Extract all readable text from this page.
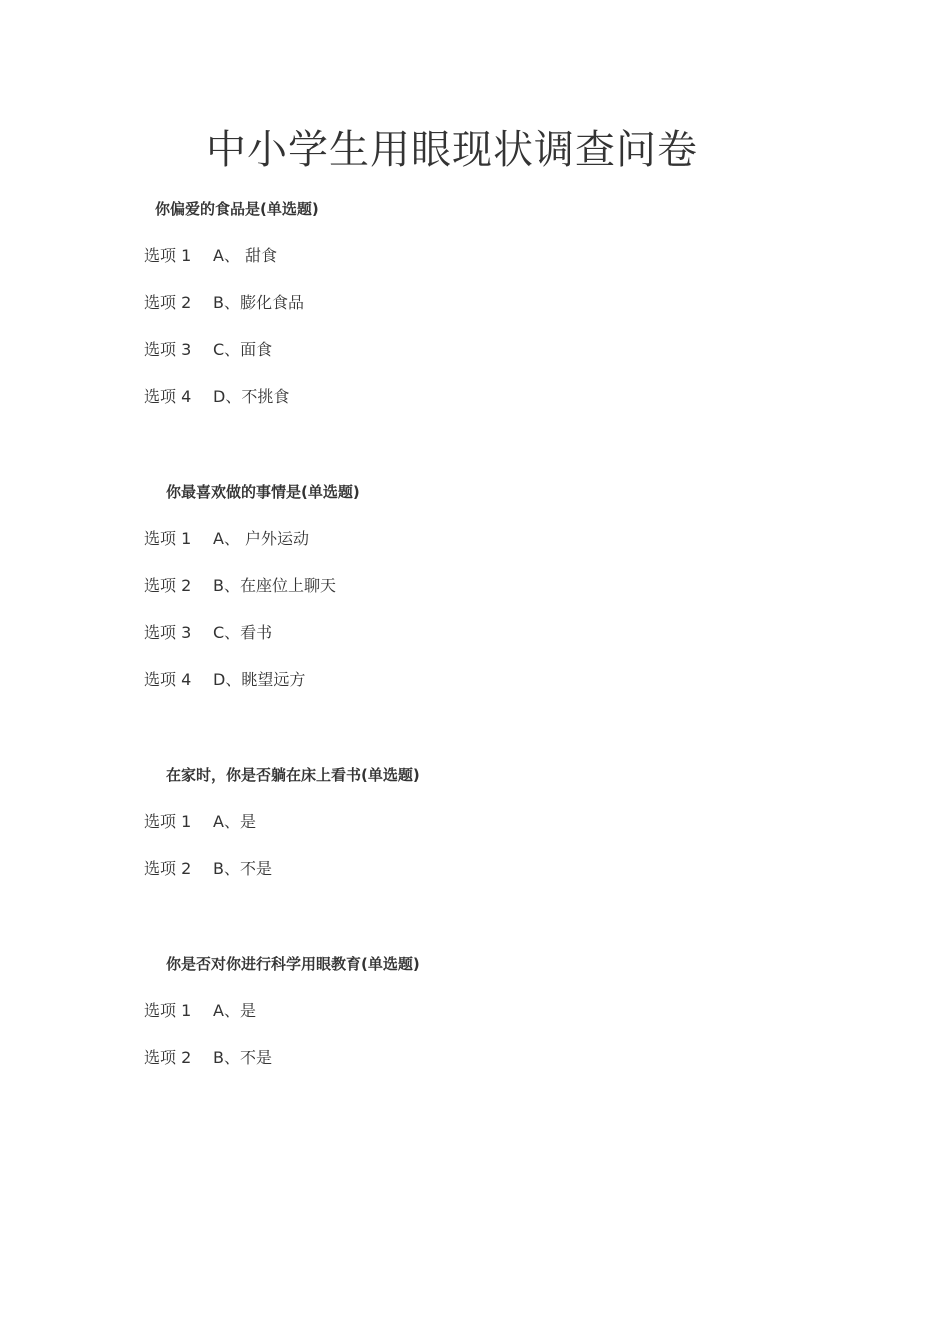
中小学生用眼现状调查问卷
你偏爱的食品是(单选题)
选项 1 A、 甜食
选项 2 B、膨化食品
选项 3 C、面食
选项 4 D、不挑食
你最喜欢做的事情是(单选题)
选项 1 A、 户外运动
选项 2 B、在座位上聊天
选项 3 C、看书
选项 4 D、眺望远方
在家时，你是否躺在床上看书(单选题)
选项 1 A、是
选项 2 B、不是
你是否对你进行科学用眼教育(单选题)
选项 1 A、是
选项 2 B、不是
